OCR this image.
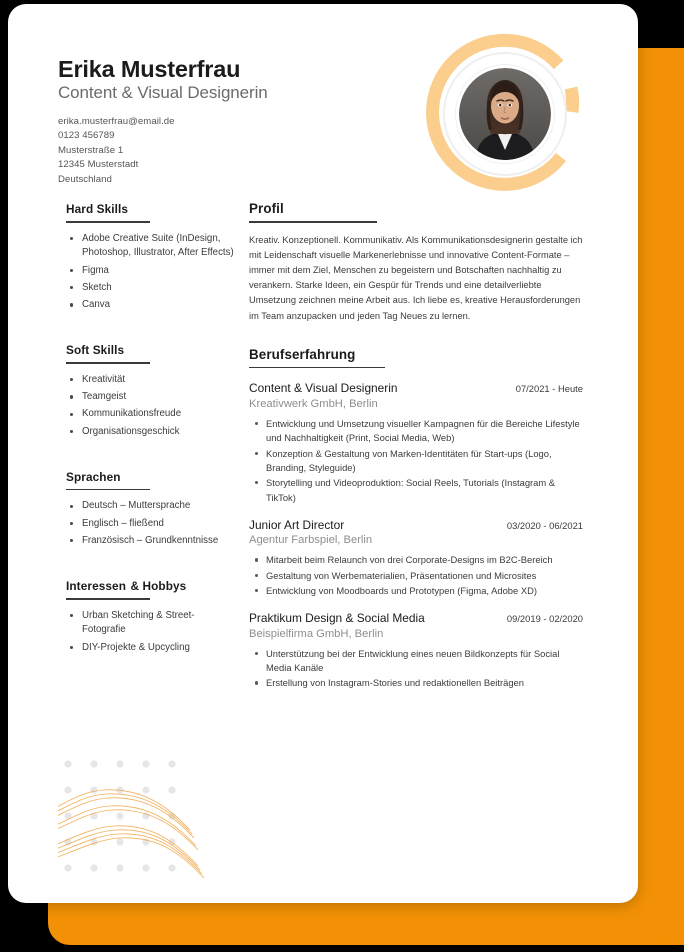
Erika Musterfrau
Content & Visual Designerin
erika.musterfrau@email.de
0123 456789
Musterstraße 1
12345 Musterstadt
Deutschland
Hard Skills
Adobe Creative Suite (InDesign, Photoshop, Illustrator, After Effects)
Figma
Sketch
Canva
Soft Skills
Kreativität
Teamgeist
Kommunikationsfreude
Organisationsgeschick
Sprachen
Deutsch – Muttersprache
Englisch – fließend
Französisch – Grundkenntnisse
Interessen & Hobbys
Urban Sketching & Street-Fotografie
DIY-Projekte & Upcycling
Profil
Kreativ. Konzeptionell. Kommunikativ. Als Kommunikationsdesignerin gestalte ich mit Leidenschaft visuelle Markenerlebnisse und innovative Content-Formate – immer mit dem Ziel, Menschen zu begeistern und Botschaften nachhaltig zu verankern. Starke Ideen, ein Gespür für Trends und eine detailverliebte Umsetzung zeichnen meine Arbeit aus. Ich liebe es, kreative Herausforderungen im Team anzupacken und jeden Tag Neues zu lernen.
Berufserfahrung
Content & Visual Designerin	07/2021 - Heute
Kreativwerk GmbH, Berlin
Entwicklung und Umsetzung visueller Kampagnen für die Bereiche Lifestyle und Nachhaltigkeit (Print, Social Media, Web)
Konzeption & Gestaltung von Marken-Identitäten für Start-ups (Logo, Branding, Styleguide)
Storytelling und Videoproduktion: Social Reels, Tutorials (Instagram & TikTok)
Junior Art Director	03/2020 - 06/2021
Agentur Farbspiel, Berlin
Mitarbeit beim Relaunch von drei Corporate-Designs im B2C-Bereich
Gestaltung von Werbematerialien, Präsentationen und Microsites
Entwicklung von Moodboards und Prototypen (Figma, Adobe XD)
Praktikum Design & Social Media	09/2019 - 02/2020
Beispielfirma GmbH, Berlin
Unterstützung bei der Entwicklung eines neuen Bildkonzepts für Social Media Kanäle
Erstellung von Instagram-Stories und redaktionellen Beiträgen
